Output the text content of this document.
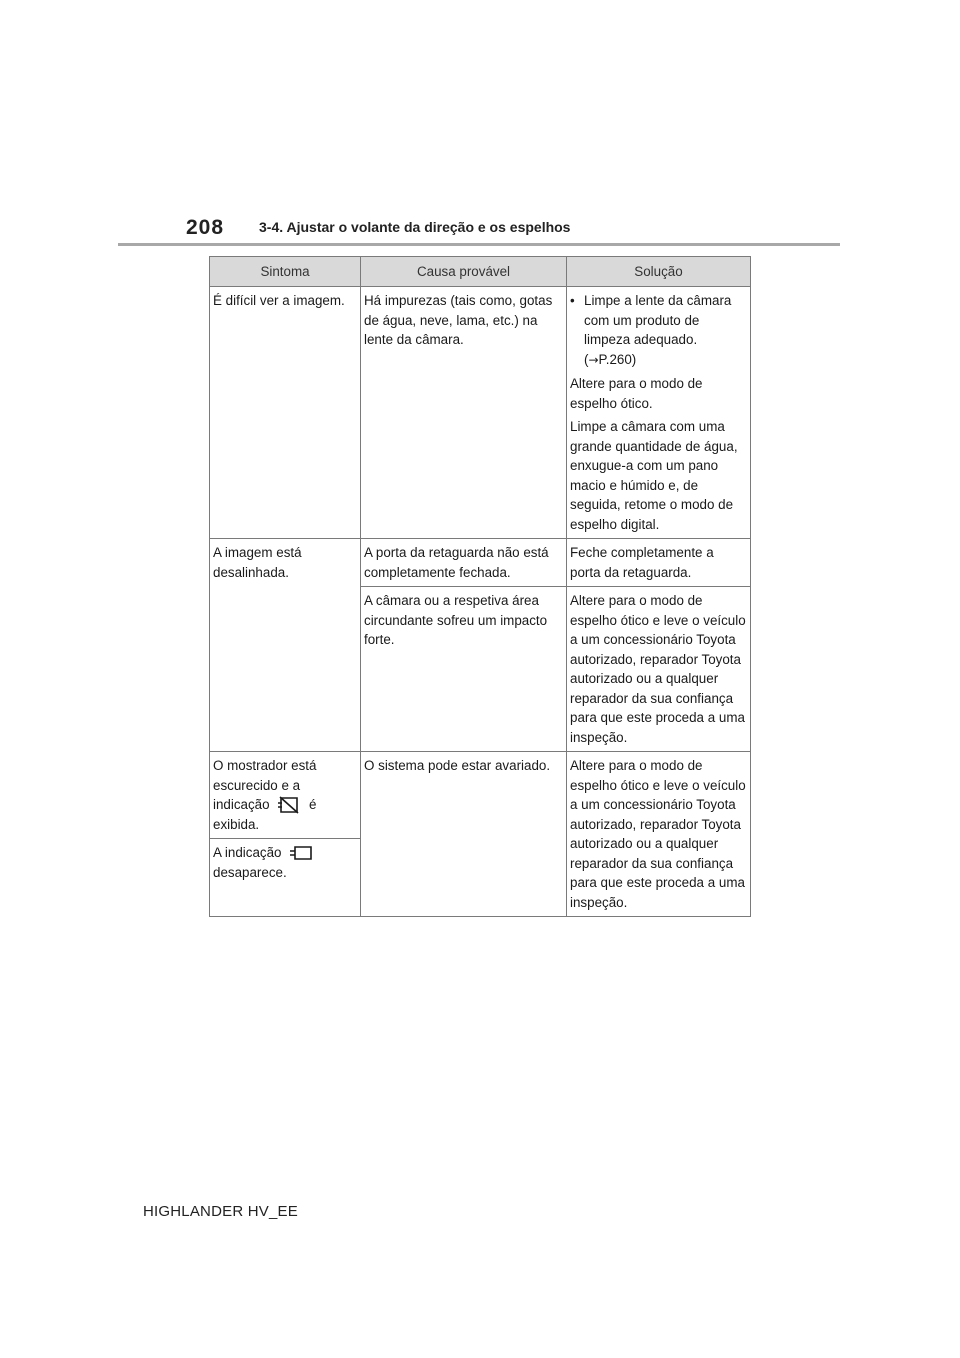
208 3-4. Ajustar o volante da direção e os espelhos
Sintoma	Causa provável	Solução
É difícil ver a imagem.	Há impurezas (tais como, gotas de água, neve, lama, etc.) na lente da câmara.	• Limpe a lente da câmara com um produto de limpeza adequado.
(→P.260)

Altere para o modo de espelho ótico.

Limpe a câmara com uma grande quantidade de água, enxugue-a com um pano macio e húmido e, de seguida, retome o modo de espelho digital.

A imagem está desalinhada.	A porta da retaguarda não está completamente fechada.	Feche completamente a porta da retaguarda.
	A câmara ou a respetiva área circundante sofreu um impacto forte.	Altere para o modo de espelho ótico e leve o veículo a um concessionário Toyota autorizado, reparador Toyota autorizado ou a qualquer reparador da sua confiança para que este proceda a uma inspeção.
O mostrador está escurecido e a indicação é exibida.	O sistema pode estar avariado.	Altere para o modo de espelho ótico e leve o veículo a um concessionário Toyota autorizado, reparador Toyota autorizado ou a qualquer reparador da sua confiança para que este proceda a uma inspeção.
A indicação
desaparece.		
HIGHLANDER HV_EE
